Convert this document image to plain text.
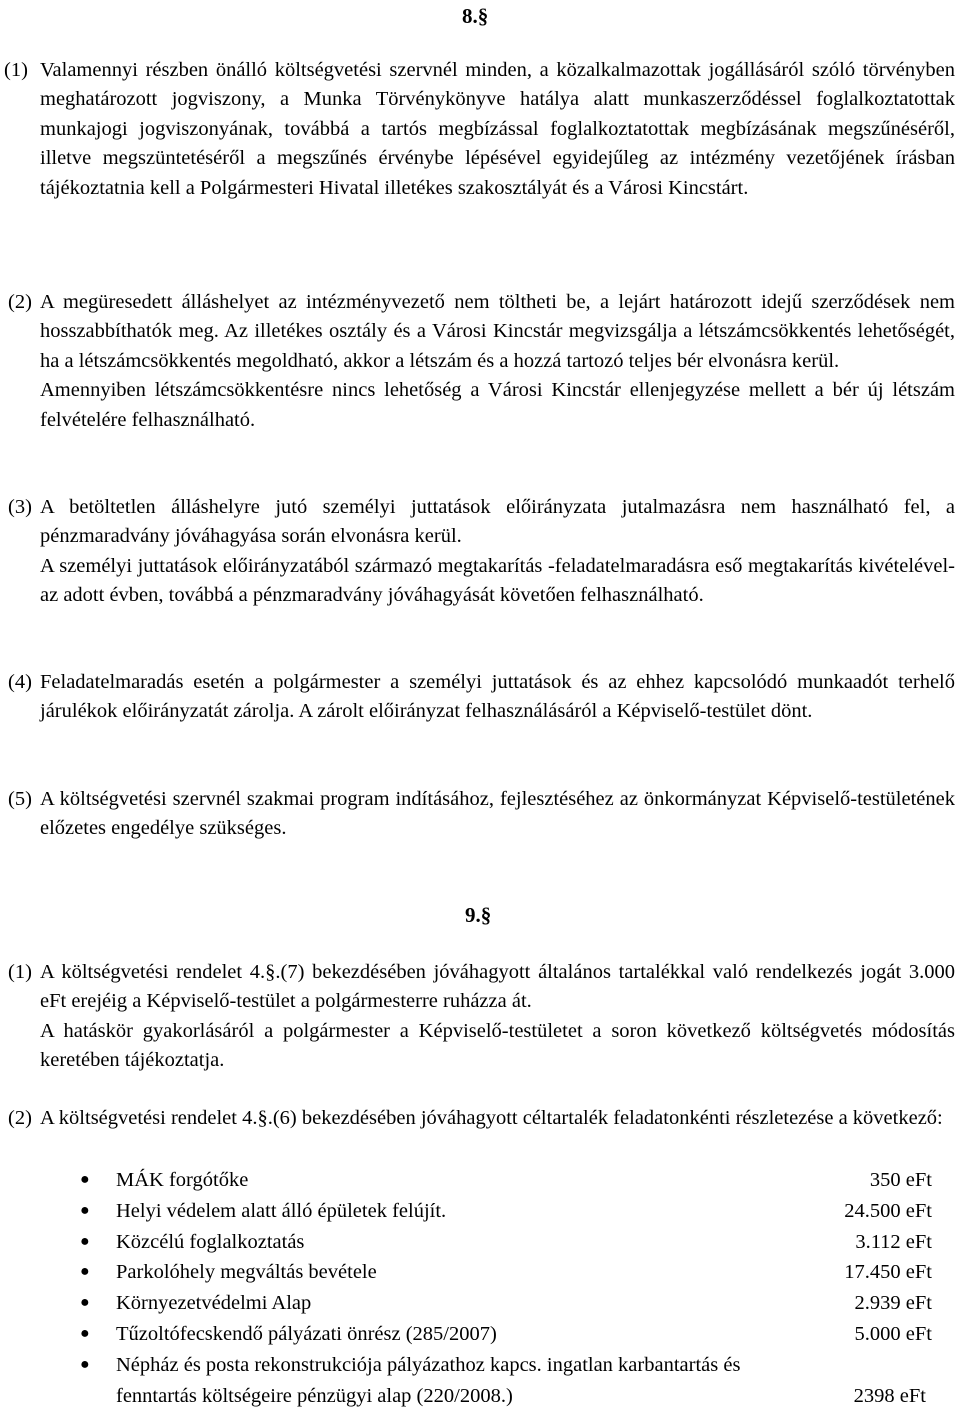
8.§
(1) Valamennyi részben önálló költségvetési szervnél minden, a közalkalmazottak jogállásáról szóló törvényben meghatározott jogviszony, a Munka Törvénykönyve hatálya alatt munkaszerződéssel foglalkoztatottak munkajogi jogviszonyának, továbbá a tartós megbízással foglalkoztatottak megbízásának megszűnéséről, illetve megszüntetéséről a megszűnés érvénybe lépésével egyidejűleg az intézmény vezetőjének írásban tájékoztatnia kell a Polgármesteri Hivatal illetékes szakosztályát és a Városi Kincstárt.

(2) A megüresedett álláshelyet az intézményvezető nem töltheti be, a lejárt határozott idejű szerződések nem hosszabbíthatók meg. Az illetékes osztály és a Városi Kincstár megvizsgálja a létszámcsökkentés lehetőségét, ha a létszámcsökkentés megoldható, akkor a létszám és a hozzá tartozó teljes bér elvonásra kerül.

Amennyiben létszámcsökkentésre nincs lehetőség a Városi Kincstár ellenjegyzése mellett a bér új létszám felvételére felhasználható.

(3) A betöltetlen álláshelyre jutó személyi juttatások előirányzata jutalmazásra nem használható fel, a pénzmaradvány jóváhagyása során elvonásra kerül.

A személyi juttatások előirányzatából származó megtakarítás -feladatelmaradásra eső megtakarítás kivételével- az adott évben, továbbá a pénzmaradvány jóváhagyását követően felhasználható.

(4) Feladatelmaradás esetén a polgármester a személyi juttatások és az ehhez kapcsolódó munkaadót terhelő járulékok előirányzatát zárolja. A zárolt előirányzat felhasználásáról a Képviselő-testület dönt.

(5) A költségvetési szervnél szakmai program indításához, fejlesztéséhez az önkormányzat Képviselő-testületének előzetes engedélye szükséges.

9.§
(1) A költségvetési rendelet 4.§.(7) bekezdésében jóváhagyott általános tartalékkal való rendelkezés jogát 3.000 eFt erejéig a Képviselő-testület a polgármesterre ruházza át.

A hatáskör gyakorlásáról a polgármester a Képviselő-testületet a soron következő költségvetés módosítás keretében tájékoztatja.

(2) A költségvetési rendelet 4.§.(6) bekezdésében jóváhagyott céltartalék feladatonkénti részletezése a következő:

● MÁK forgótőke	350 eFt
● Helyi védelem alatt álló épületek felújít.	24.500 eFt
● Közcélú foglalkoztatás	3.112 eFt
● Parkolóhely megváltás bevétele	17.450 eFt
● Környezetvédelmi Alap	2.939 eFt
● Tűzoltófecskendő pályázati önrész (285/2007)	5.000 eFt
● Népház és posta rekonstrukciója pályázathoz kapcs. ingatlan karbantartás és fenntartás költségeire pénzügyi alap (220/2008.)	2398 eFt
